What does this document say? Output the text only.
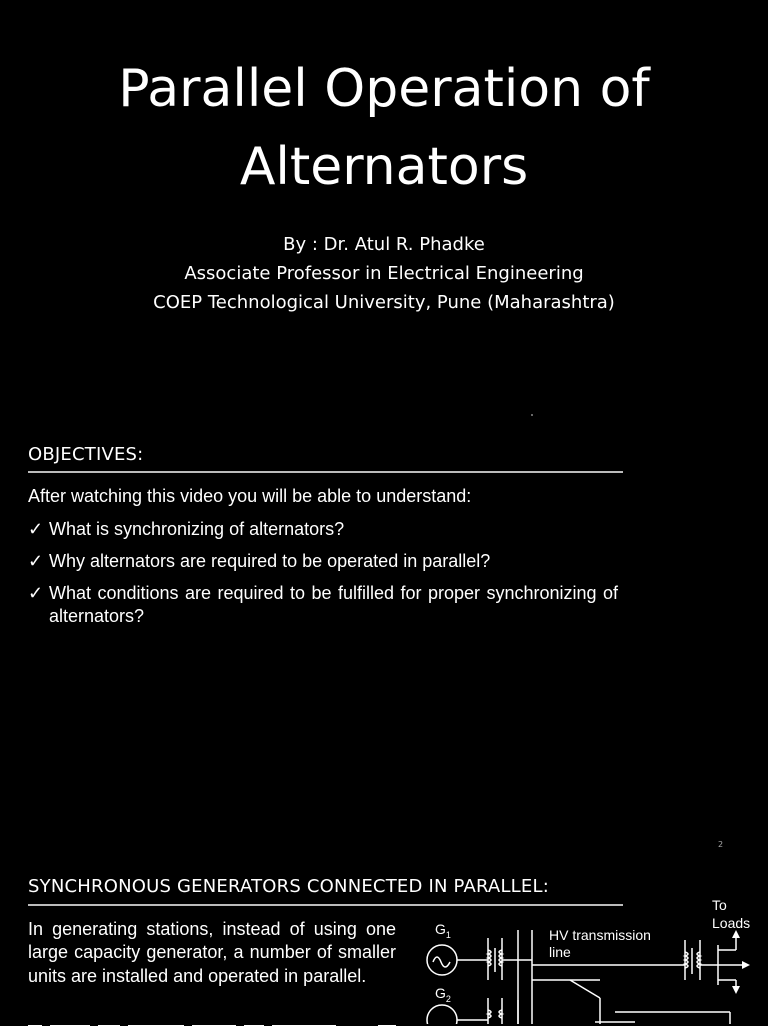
Parallel Operation of
Alternators
By : Dr. Atul R. Phadke
Associate Professor in Electrical Engineering
COEP Technological University, Pune (Maharashtra)
OBJECTIVES:
After watching this video you will be able to understand:
✓ What is synchronizing of alternators?
✓ Why alternators are required to be operated in parallel?
✓ What conditions are required to be fulfilled for proper synchronizing of alternators?
2
SYNCHRONOUS GENERATORS CONNECTED IN PARALLEL:
In generating stations, instead of using one large capacity generator, a number of smaller units are installed and operated in parallel.
$G_1$
$G_2$
HV transmission
line
To
Loads
